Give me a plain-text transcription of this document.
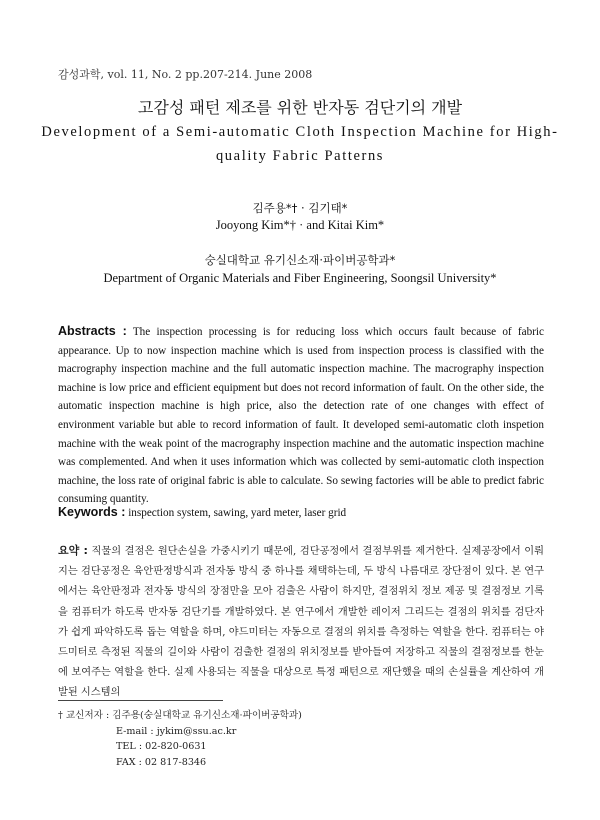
감성과학, vol. 11, No. 2 pp.207-214. June 2008
고감성 패턴 제조를 위한 반자동 검단기의 개발
Development of a Semi-automatic Cloth Inspection Machine for High-quality Fabric Patterns
김주용*† · 김기태*
Jooyong Kim*† · and Kitai Kim*
숭실대학교 유기신소재·파이버공학과*
Department of Organic Materials and Fiber Engineering, Soongsil University*

Abstracts : The inspection processing is for reducing loss which occurs fault because of fabric appearance. Up to now inspection machine which is used from inspection process is classified with the macrography inspection machine and the full automatic inspection machine. The macrography inspection machine is low price and efficient equipment but does not record information of fault. On the other side, the automatic inspection machine is high price, also the detection rate of one changes with effect of environment variable but able to record information of fault. It developed semi-automatic cloth inspetion machine with the weak point of the macrography inspection machine and the automatic inspection machine was complemented. And when it uses information which was collected by semi-automatic cloth inspection machine, the loss rate of original fabric is able to calculate. So sewing factories will be able to predict fabric consuming quantity.

Keywords : inspection system, sawing, yard meter, laser grid

요약 : 직물의 결점은 원단손실을 가중시키기 때문에, 검단공정에서 결점부위를 제거한다. 실제공장에서 이뤄지는 검단공정은 육안판정방식과 전자동 방식 중 하나를 채택하는데, 두 방식 나름대로 장단점이 있다. 본 연구에서는 육안판정과 전자동 방식의 장점만을 모아 검출은 사람이 하지만, 결점위치 정보 제공 및 결점정보 기록을 컴퓨터가 하도록 반자동 검단기를 개발하였다. 본 연구에서 개발한 레이저 그리드는 결점의 위치를 검단자가 쉽게 파악하도록 돕는 역할을 하며, 야드미터는 자동으로 결점의 위치를 측정하는 역할을 한다. 컴퓨터는 야드미터로 측정된 직물의 길이와 사람이 검출한 결점의 위치정보를 받아들여 저장하고 직물의 결점정보를 한눈에 보여주는 역할을 한다. 실제 사용되는 직물을 대상으로 특정 패턴으로 재단했을 때의 손실률을 계산하여 개발된 시스템의

† 교신저자 : 김주용(숭실대학교 유기신소재·파이버공학과)
E-mail : jykim@ssu.ac.kr
TEL : 02-820-0631
FAX : 02 817-8346
